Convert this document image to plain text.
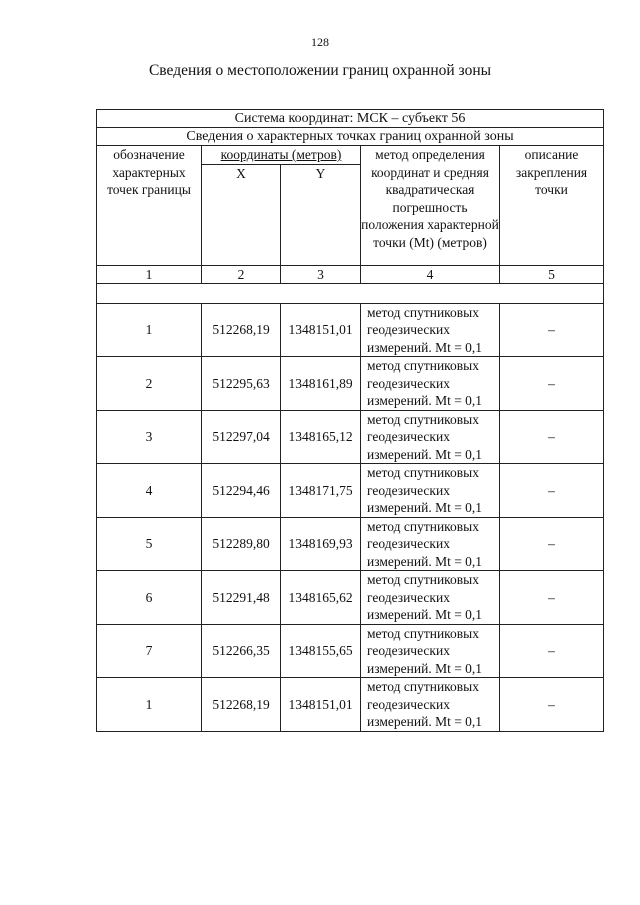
128
Сведения о местоположении границ охранной зоны
Система координат: МСК – субъект 56				
Сведения о характерных точках границ охранной зоны				
обозначение характерных точек границы	координаты (метров)		метод определения координат и средняя квадратическая погрешность положения характерной точки (Mt) (метров)	описание закрепления точки
	X	Y		
1	2	3	4	5

1	512268,19	1348151,01	метод спутниковых геодезических измерений. Mt = 0,1	–
2	512295,63	1348161,89	метод спутниковых геодезических измерений. Mt = 0,1	–
3	512297,04	1348165,12	метод спутниковых геодезических измерений. Mt = 0,1	–
4	512294,46	1348171,75	метод спутниковых геодезических измерений. Mt = 0,1	–
5	512289,80	1348169,93	метод спутниковых геодезических измерений. Mt = 0,1	–
6	512291,48	1348165,62	метод спутниковых геодезических измерений. Mt = 0,1	–
7	512266,35	1348155,65	метод спутниковых геодезических измерений. Mt = 0,1	–
1	512268,19	1348151,01	метод спутниковых геодезических измерений. Mt = 0,1	–
